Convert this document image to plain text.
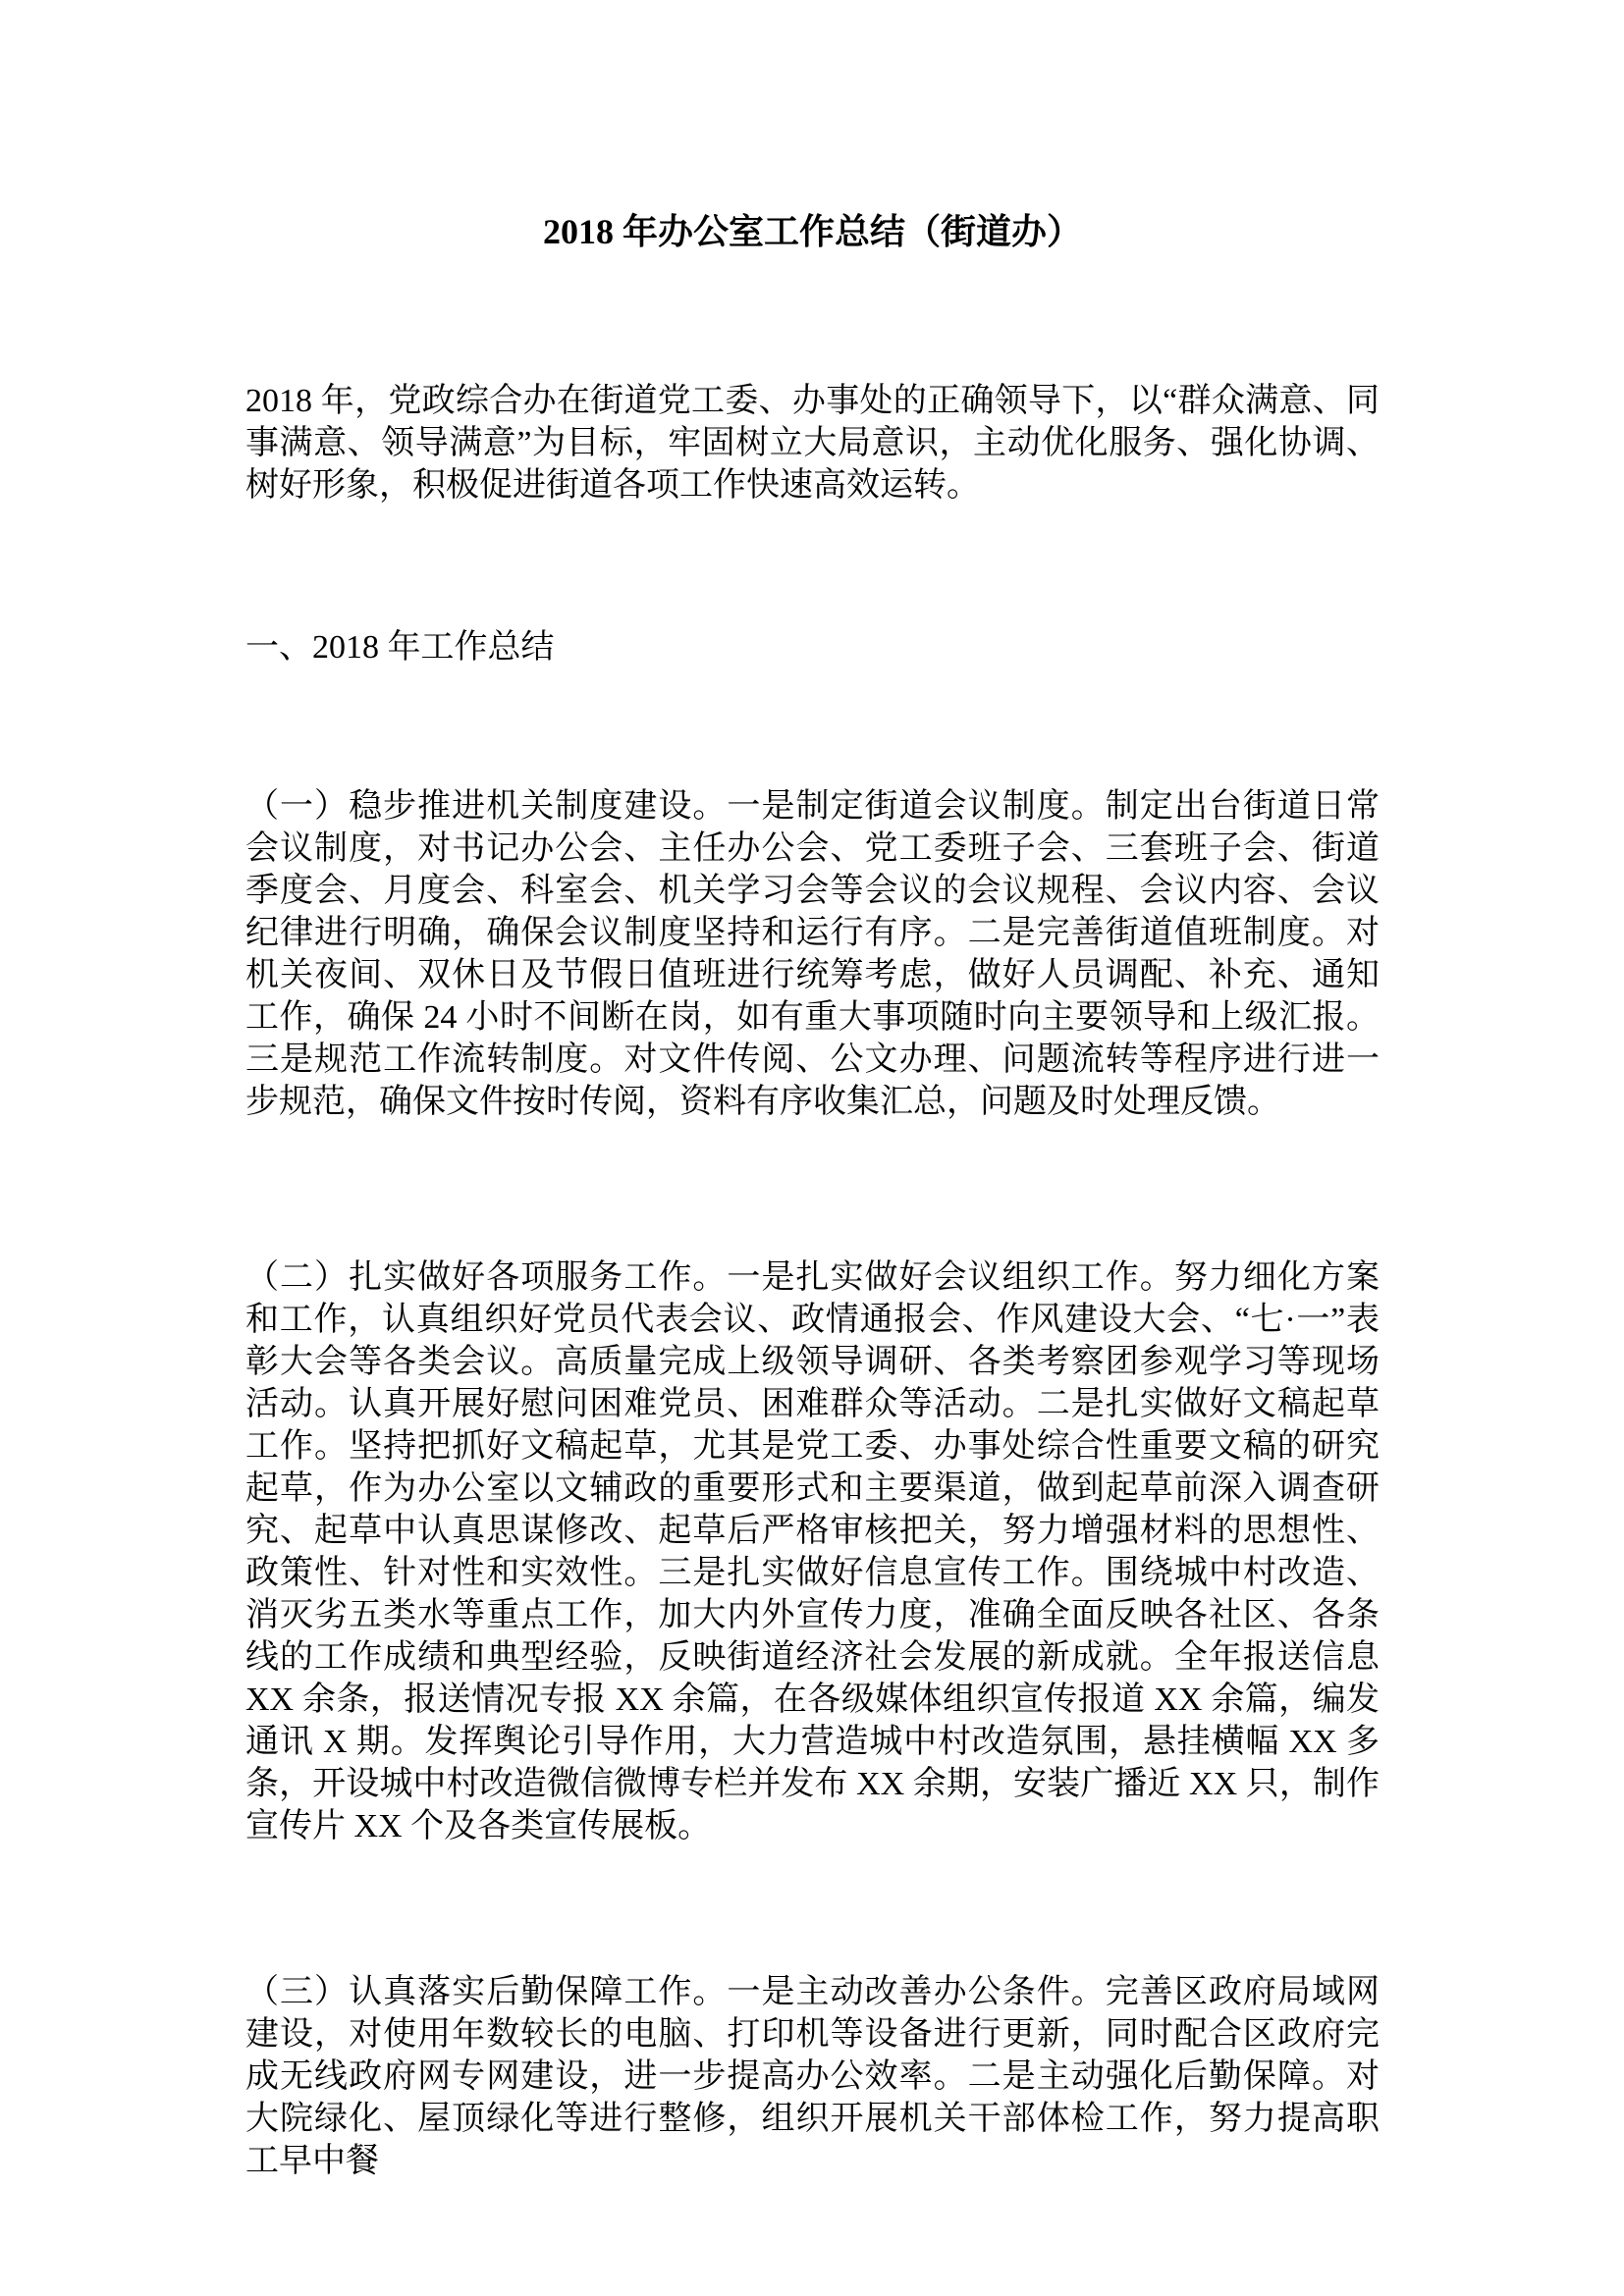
2018 年办公室工作总结（街道办）
2018 年，党政综合办在街道党工委、办事处的正确领导下，以“群众满意、同事满意、领导满意”为目标，牢固树立大局意识，主动优化服务、强化协调、树好形象，积极促进街道各项工作快速高效运转。
一、2018 年工作总结
（一）稳步推进机关制度建设。一是制定街道会议制度。制定出台街道日常会议制度，对书记办公会、主任办公会、党工委班子会、三套班子会、街道季度会、月度会、科室会、机关学习会等会议的会议规程、会议内容、会议纪律进行明确，确保会议制度坚持和运行有序。二是完善街道值班制度。对机关夜间、双休日及节假日值班进行统筹考虑，做好人员调配、补充、通知工作，确保 24 小时不间断在岗，如有重大事项随时向主要领导和上级汇报。三是规范工作流转制度。对文件传阅、公文办理、问题流转等程序进行进一步规范，确保文件按时传阅，资料有序收集汇总，问题及时处理反馈。
（二）扎实做好各项服务工作。一是扎实做好会议组织工作。努力细化方案和工作，认真组织好党员代表会议、政情通报会、作风建设大会、“七·一”表彰大会等各类会议。高质量完成上级领导调研、各类考察团参观学习等现场活动。认真开展好慰问困难党员、困难群众等活动。二是扎实做好文稿起草工作。坚持把抓好文稿起草，尤其是党工委、办事处综合性重要文稿的研究起草，作为办公室以文辅政的重要形式和主要渠道，做到起草前深入调查研究、起草中认真思谋修改、起草后严格审核把关，努力增强材料的思想性、政策性、针对性和实效性。三是扎实做好信息宣传工作。围绕城中村改造、消灭劣五类水等重点工作，加大内外宣传力度，准确全面反映各社区、各条线的工作成绩和典型经验，反映街道经济社会发展的新成就。全年报送信息 XX 余条，报送情况专报 XX 余篇，在各级媒体组织宣传报道 XX 余篇，编发通讯 X 期。发挥舆论引导作用，大力营造城中村改造氛围，悬挂横幅 XX 多条，开设城中村改造微信微博专栏并发布 XX 余期，安装广播近 XX 只，制作宣传片 XX 个及各类宣传展板。
（三）认真落实后勤保障工作。一是主动改善办公条件。完善区政府局域网建设，对使用年数较长的电脑、打印机等设备进行更新，同时配合区政府完成无线政府网专网建设，进一步提高办公效率。二是主动强化后勤保障。对大院绿化、屋顶绿化等进行整修，组织开展机关干部体检工作，努力提高职工早中餐
